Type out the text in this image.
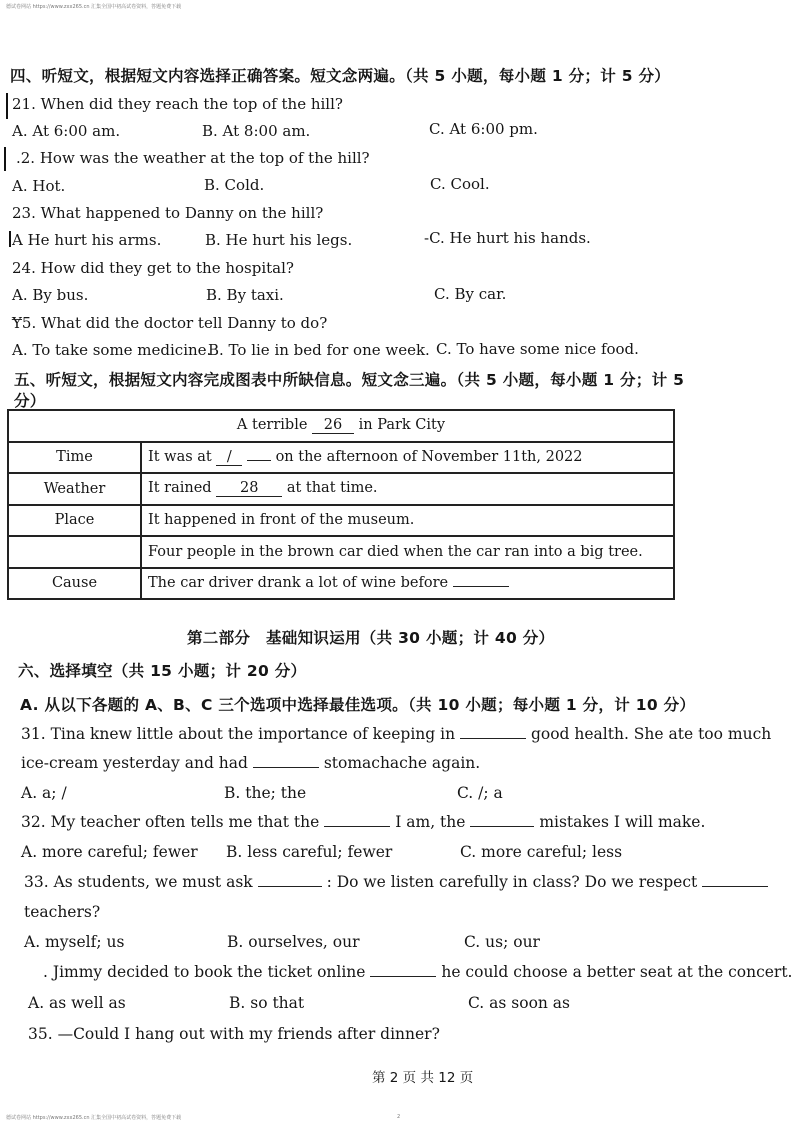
德试卷网站 https://www.zxx265.cn 汇集全国中初高试卷资料，答题免费下载
四、听短文，根据短文内容选择正确答案。短文念两遍。（共 5 小题，每小题 1 分；计 5 分）
21. When did they reach the top of the hill?
A. At 6:00 am.	B. At 8:00 am.	C. At 6:00 pm.
.2. How was the weather at the top of the hill?
A. Hot.	B. Cold.	C. Cool.
23. What happened to Danny on the hill?
A He hurt his arms.	B. He hurt his legs.	-C. He hurt his hands.
24. How did they get to the hospital?
A. By bus.	B. By taxi.	C. By car.
Ɏ5. What did the doctor tell Danny to do?
A. To take some medicine.
B. To lie in bed for one week. C. To have some nice food.
五、听短文，根据短文内容完成图表中所缺信息。短文念三遍。（共 5 小题，每小题 1 分；计 5
分）
A terrible 26 in Park City	
Time	It was at / on the afternoon of November 11th, 2022
Weather	It rained 28 at that time.
Place	It happened in front of the museum.
	Four people in the brown car died when the car ran into a big tree.
Cause	The car driver drank a lot of wine before
第二部分　基础知识运用（共 30 小题；计 40 分）
六、选择填空（共 15 小题；计 20 分）
A. 从以下各题的 A、B、C 三个选项中选择最佳选项。（共 10 小题；每小题 1 分，计 10 分）
31. Tina knew little about the importance of keeping in	good health. She ate too much
ice-cream yesterday and had	stomachache again.
A. a; /	B. the; the	C. /; a
32. My teacher often tells me that the	I am, the	mistakes I will make.
A. more careful; fewer B. less careful; fewer	C. more careful; less
33. As students, we must ask	: Do we listen carefully in class? Do we respect
teachers?
A. myself; us	B. ourselves, our	C. us; our
. Jimmy decided to book the ticket online	he could choose a better seat at the concert.
A. as well as	B. so that	C. as soon as
35. —Could I hang out with my friends after dinner?
第 2 页 共 12 页
德试卷网站 https://www.zxx265.cn 汇集全国中初高试卷资料，答题免费下载	2
